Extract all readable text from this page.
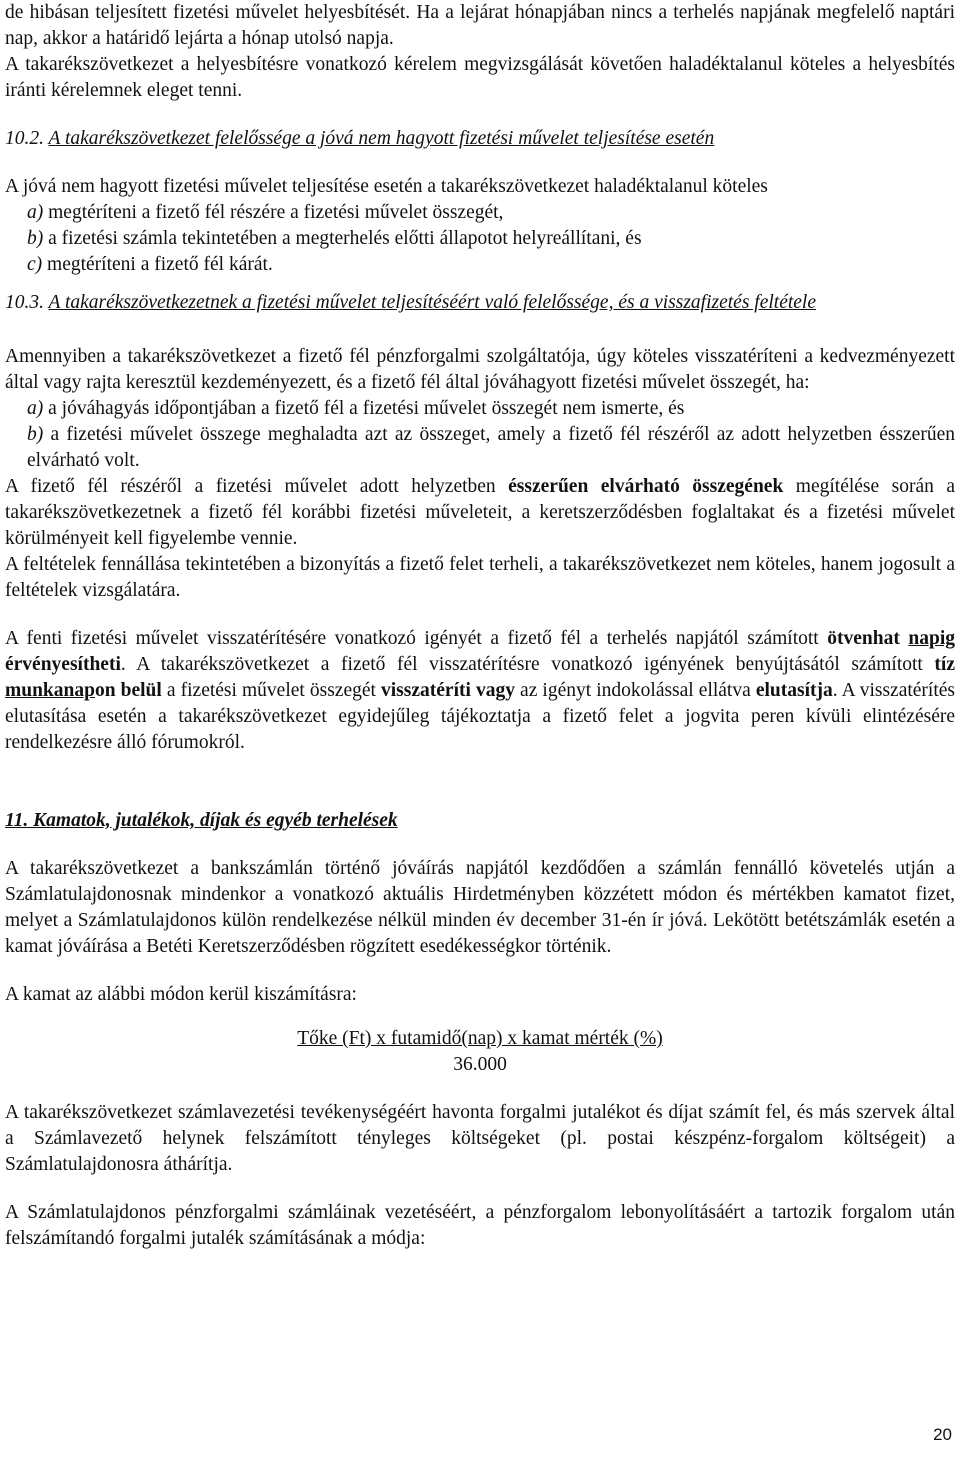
de hibásan teljesített fizetési művelet helyesbítését. Ha a lejárat hónapjában nincs a terhelés napjának megfelelő naptári nap, akkor a határidő lejárta a hónap utolsó napja.

A takarékszövetkezet a helyesbítésre vonatkozó kérelem megvizsgálását követően haladéktalanul köteles a helyesbítés iránti kérelemnek eleget tenni.

10.2. A takarékszövetkezet felelőssége a jóvá nem hagyott fizetési művelet teljesítése esetén

A jóvá nem hagyott fizetési művelet teljesítése esetén a takarékszövetkezet haladéktalanul köteles

a) megtéríteni a fizető fél részére a fizetési művelet összegét,

b) a fizetési számla tekintetében a megterhelés előtti állapotot helyreállítani, és

c) megtéríteni a fizető fél kárát.

10.3. A takarékszövetkezetnek a fizetési művelet teljesítéséért való felelőssége, és a visszafizetés feltétele

Amennyiben a takarékszövetkezet a fizető fél pénzforgalmi szolgáltatója, úgy köteles visszatéríteni a kedvezményezett által vagy rajta keresztül kezdeményezett, és a fizető fél által jóváhagyott fizetési művelet összegét, ha:

a) a jóváhagyás időpontjában a fizető fél a fizetési művelet összegét nem ismerte, és

b) a fizetési művelet összege meghaladta azt az összeget, amely a fizető fél részéről az adott helyzetben ésszerűen elvárható volt.

A fizető fél részéről a fizetési művelet adott helyzetben ésszerűen elvárható összegének megítélése során a takarékszövetkezetnek a fizető fél korábbi fizetési műveleteit, a keretszerződésben foglaltakat és a fizetési művelet körülményeit kell figyelembe vennie.

A feltételek fennállása tekintetében a bizonyítás a fizető felet terheli, a takarékszövetkezet nem köteles, hanem jogosult a feltételek vizsgálatára.

A fenti fizetési művelet visszatérítésére vonatkozó igényét a fizető fél a terhelés napjától számított ötvenhat napig érvényesítheti. A takarékszövetkezet a fizető fél visszatérítésre vonatkozó igényének benyújtásától számított tíz munkanapon belül a fizetési művelet összegét visszatéríti vagy az igényt indokolással ellátva elutasítja. A visszatérítés elutasítása esetén a takarékszövetkezet egyidejűleg tájékoztatja a fizető felet a jogvita peren kívüli elintézésére rendelkezésre álló fórumokról.

11. Kamatok, jutalékok, díjak és egyéb terhelések

A takarékszövetkezet a bankszámlán történő jóváírás napjától kezdődően a számlán fennálló követelés utján a Számlatulajdonosnak mindenkor a vonatkozó aktuális Hirdetményben közzétett módon és mértékben kamatot fizet, melyet a Számlatulajdonos külön rendelkezése nélkül minden év december 31-én ír jóvá. Lekötött betétszámlák esetén a kamat jóváírása a Betéti Keretszerződésben rögzített esedékességkor történik.

A kamat az alábbi módon kerül kiszámításra:

Tőke (Ft) x futamidő(nap) x kamat mérték (%)
36.000

A takarékszövetkezet számlavezetési tevékenységéért havonta forgalmi jutalékot és díjat számít fel, és más szervek által a Számlavezető helynek felszámított tényleges költségeket (pl. postai készpénz-forgalom költségeit) a Számlatulajdonosra áthárítja.

A Számlatulajdonos pénzforgalmi számláinak vezetéséért, a pénzforgalom lebonyolításáért a tartozik forgalom után felszámítandó forgalmi jutalék számításának a módja:

20
